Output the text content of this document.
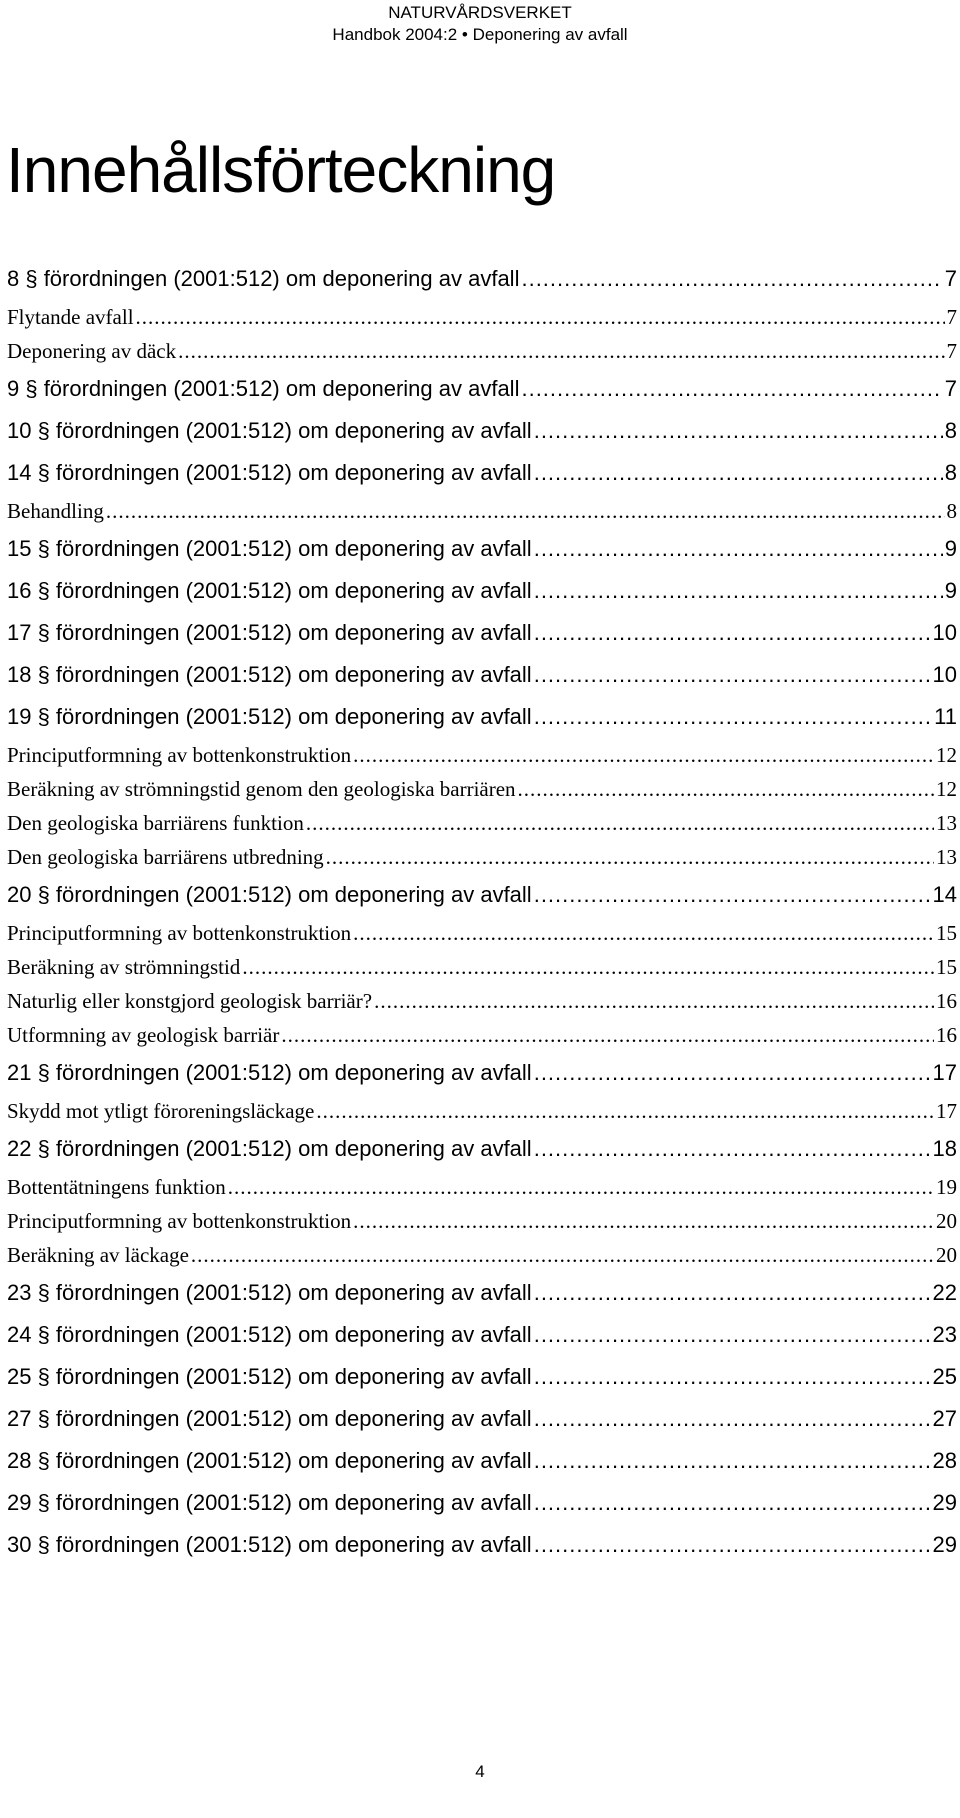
NATURVÅRDSVERKET
Handbok 2004:2 • Deponering av avfall
Innehållsförteckning
8 § förordningen (2001:512) om deponering av avfall .....	7
Flytande avfall .....	7
Deponering av däck .....	7
9 § förordningen (2001:512) om deponering av avfall .....	7
10 § förordningen (2001:512) om deponering av avfall .....	8
14 § förordningen (2001:512) om deponering av avfall .....	8
Behandling .....	8
15 § förordningen (2001:512) om deponering av avfall .....	9
16 § förordningen (2001:512) om deponering av avfall .....	9
17 § förordningen (2001:512) om deponering av avfall .....	10
18 § förordningen (2001:512) om deponering av avfall .....	10
19 § förordningen (2001:512) om deponering av avfall .....	11
Principutformning av bottenkonstruktion .....	12
Beräkning av strömningstid genom den geologiska barriären .....	12
Den geologiska barriärens funktion .....	13
Den geologiska barriärens utbredning .....	13
20 § förordningen (2001:512) om deponering av avfall .....	14
Principutformning av bottenkonstruktion .....	15
Beräkning av strömningstid .....	15
Naturlig eller konstgjord geologisk barriär? .....	16
Utformning av geologisk barriär .....	16
21 § förordningen (2001:512) om deponering av avfall .....	17
Skydd mot ytligt föroreningsläckage .....	17
22 § förordningen (2001:512) om deponering av avfall .....	18
Bottentätningens funktion .....	19
Principutformning av bottenkonstruktion .....	20
Beräkning av läckage .....	20
23 § förordningen (2001:512) om deponering av avfall .....	22
24 § förordningen (2001:512) om deponering av avfall .....	23
25 § förordningen (2001:512) om deponering av avfall .....	25
27 § förordningen (2001:512) om deponering av avfall .....	27
28 § förordningen (2001:512) om deponering av avfall .....	28
29 § förordningen (2001:512) om deponering av avfall .....	29
30 § förordningen (2001:512) om deponering av avfall .....	29
4
